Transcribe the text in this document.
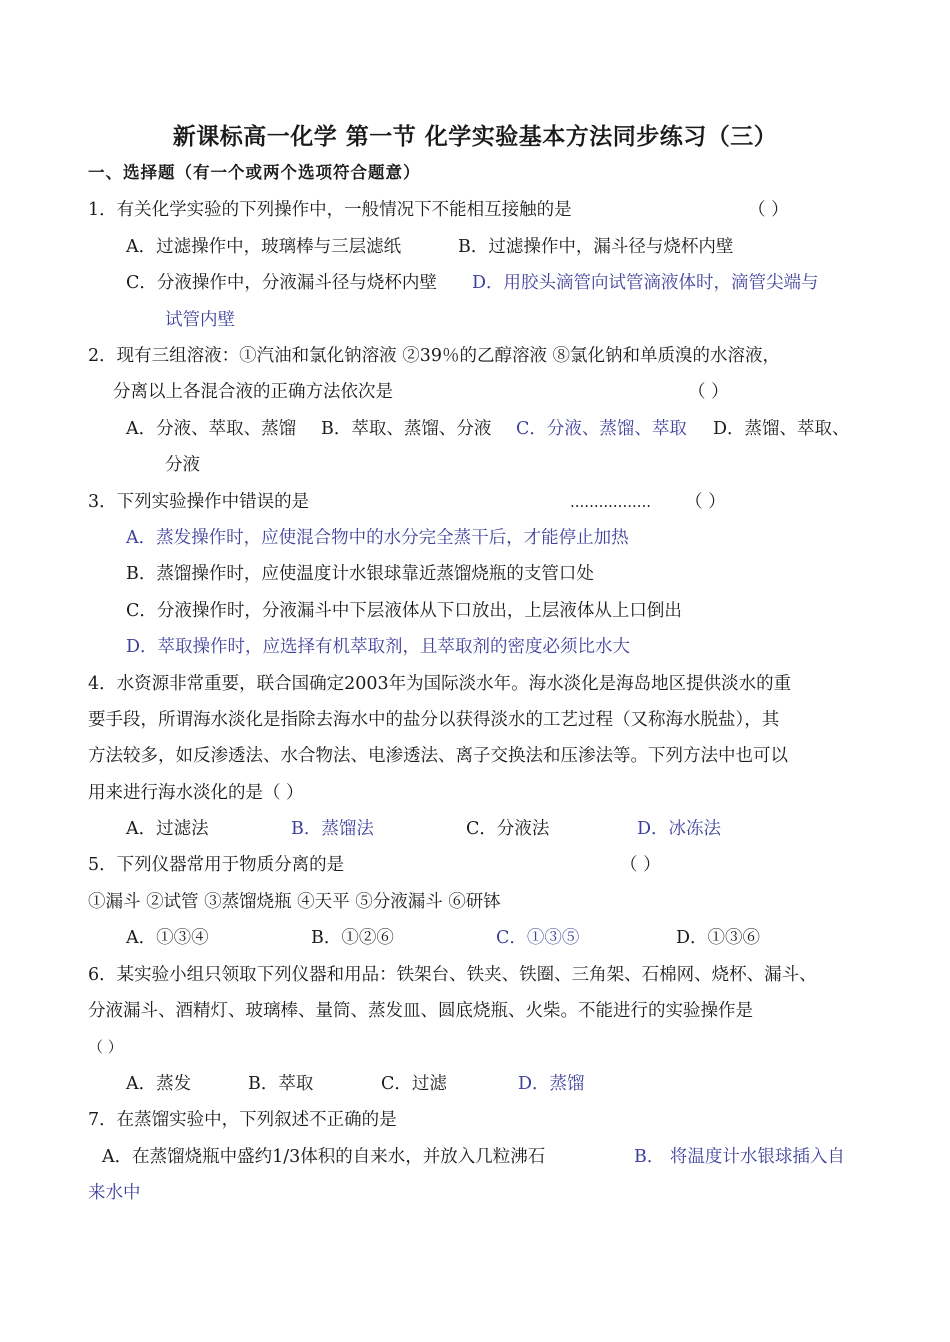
新课标高一化学 第一节 化学实验基本方法同步练习（三）
一、选择题（有一个或两个选项符合题意）
1．有关化学实验的下列操作中，一般情况下不能相互接触的是	（ ）
A．过滤操作中，玻璃棒与三层滤纸	B．过滤操作中，漏斗径与烧杯内壁
C．分液操作中，分液漏斗径与烧杯内壁 D．用胶头滴管向试管滴液体时，滴管尖端与
试管内壁
2．现有三组溶液：①汽油和氯化钠溶液 ②39％的乙醇溶液 ⑧氯化钠和单质溴的水溶液，
分离以上各混合液的正确方法依次是	（ ）
A．分液、萃取、蒸馏 B．萃取、蒸馏、分液 C．分液、蒸馏、萃取 D．蒸馏、萃取、
分液
3．下列实验操作中错误的是	................. （ ）
A．蒸发操作时，应使混合物中的水分完全蒸干后，才能停止加热
B．蒸馏操作时，应使温度计水银球靠近蒸馏烧瓶的支管口处
C．分液操作时，分液漏斗中下层液体从下口放出，上层液体从上口倒出
D．萃取操作时，应选择有机萃取剂，且萃取剂的密度必须比水大
4．水资源非常重要，联合国确定2003年为国际淡水年。海水淡化是海岛地区提供淡水的重
要手段，所谓海水淡化是指除去海水中的盐分以获得淡水的工艺过程（又称海水脱盐），其
方法较多，如反渗透法、水合物法、电渗透法、离子交换法和压渗法等。下列方法中也可以
用来进行海水淡化的是（ ）
A．过滤法	B．蒸馏法	C．分液法	D．冰冻法
5．下列仪器常用于物质分离的是	（ ）
①漏斗 ②试管 ③蒸馏烧瓶 ④天平 ⑤分液漏斗 ⑥研钵
A．①③④	B．①②⑥	C．①③⑤	D．①③⑥
6．某实验小组只领取下列仪器和用品：铁架台、铁夹、铁圈、三角架、石棉网、烧杯、漏斗、
分液漏斗、酒精灯、玻璃棒、量筒、蒸发皿、圆底烧瓶、火柴。不能进行的实验操作是
（ ）
A．蒸发	B．萃取	C．过滤	D．蒸馏
7．在蒸馏实验中，下列叙述不正确的是
A．在蒸馏烧瓶中盛约1/3体积的自来水，并放入几粒沸石	B． 将温度计水银球插入自
来水中
